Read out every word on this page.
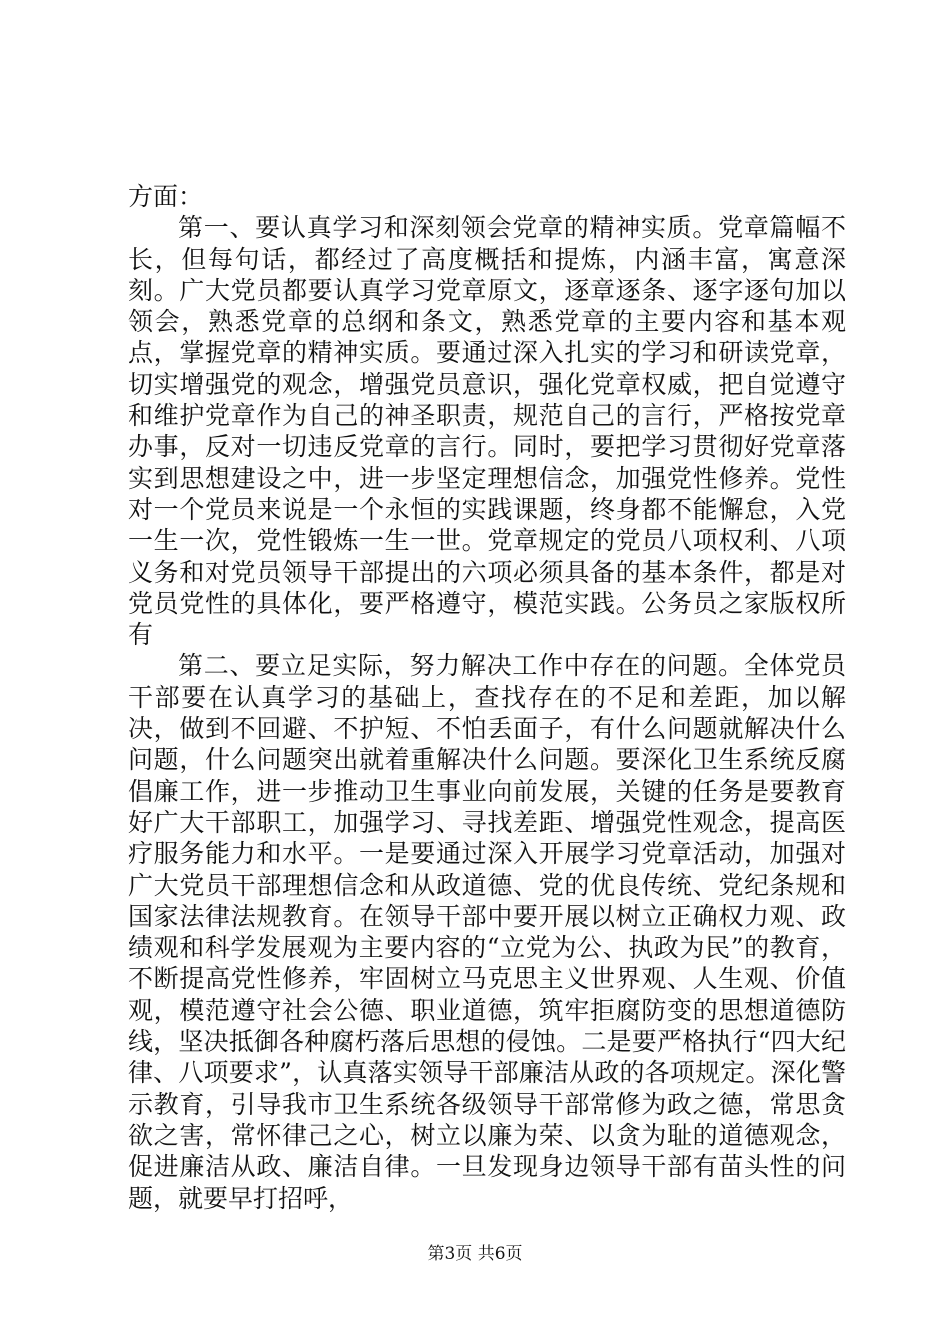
方面：

第一、要认真学习和深刻领会党章的精神实质。党章篇幅不长，但每句话，都经过了高度概括和提炼，内涵丰富，寓意深刻。广大党员都要认真学习党章原文，逐章逐条、逐字逐句加以领会，熟悉党章的总纲和条文，熟悉党章的主要内容和基本观点，掌握党章的精神实质。要通过深入扎实的学习和研读党章，切实增强党的观念，增强党员意识，强化党章权威，把自觉遵守和维护党章作为自己的神圣职责，规范自己的言行，严格按党章办事，反对一切违反党章的言行。同时，要把学习贯彻好党章落实到思想建设之中，进一步坚定理想信念，加强党性修养。党性对一个党员来说是一个永恒的实践课题，终身都不能懈怠，入党一生一次，党性锻炼一生一世。党章规定的党员八项权利、八项义务和对党员领导干部提出的六项必须具备的基本条件，都是对党员党性的具体化，要严格遵守，模范实践。公务员之家版权所有

第二、要立足实际，努力解决工作中存在的问题。全体党员干部要在认真学习的基础上，查找存在的不足和差距，加以解决，做到不回避、不护短、不怕丢面子，有什么问题就解决什么问题，什么问题突出就着重解决什么问题。要深化卫生系统反腐倡廉工作，进一步推动卫生事业向前发展，关键的任务是要教育好广大干部职工，加强学习、寻找差距、增强党性观念，提高医疗服务能力和水平。一是要通过深入开展学习党章活动，加强对广大党员干部理想信念和从政道德、党的优良传统、党纪条规和国家法律法规教育。在领导干部中要开展以树立正确权力观、政绩观和科学发展观为主要内容的“立党为公、执政为民”的教育，不断提高党性修养，牢固树立马克思主义世界观、人生观、价值观，模范遵守社会公德、职业道德，筑牢拒腐防变的思想道德防线，坚决抵御各种腐朽落后思想的侵蚀。二是要严格执行“四大纪律、八项要求”，认真落实领导干部廉洁从政的各项规定。深化警示教育，引导我市卫生系统各级领导干部常修为政之德，常思贪欲之害，常怀律己之心，树立以廉为荣、以贪为耻的道德观念，促进廉洁从政、廉洁自律。一旦发现身边领导干部有苗头性的问题，就要早打招呼，

第3页 共6页
